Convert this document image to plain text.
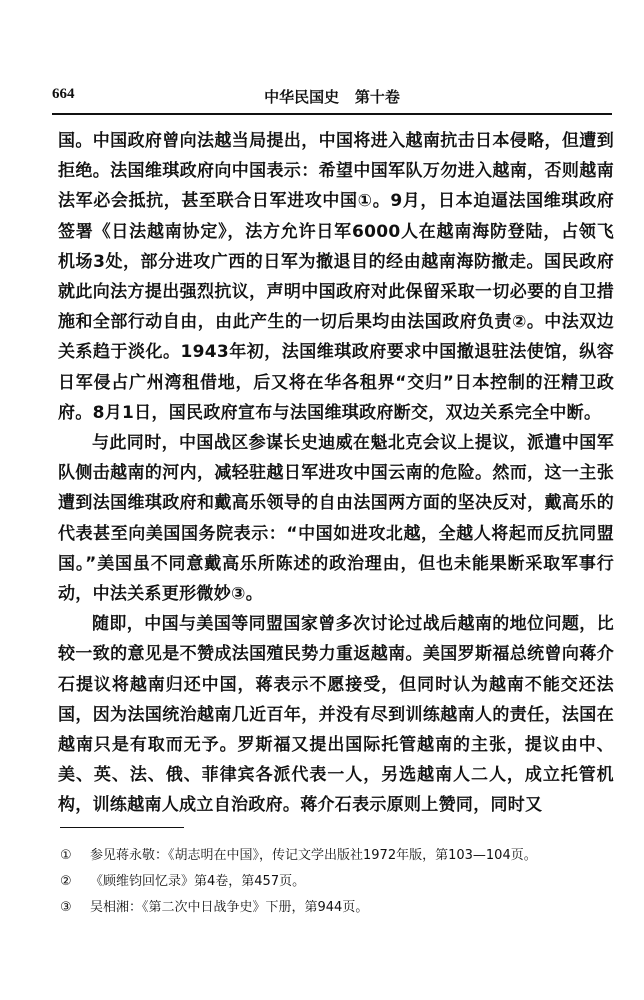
664	中华民国史   第十卷

国。中国政府曾向法越当局提出，中国将进入越南抗击日本侵略，但遭到拒绝。法国维琪政府向中国表示：希望中国军队万勿进入越南，否则越南法军必会抵抗，甚至联合日军进攻中国①。9月，日本迫逼法国维琪政府签署《日法越南协定》，法方允许日军6000人在越南海防登陆，占领飞机场3处，部分进攻广西的日军为撤退目的经由越南海防撤走。国民政府就此向法方提出强烈抗议，声明中国政府对此保留采取一切必要的自卫措施和全部行动自由，由此产生的一切后果均由法国政府负责②。中法双边关系趋于淡化。1943年初，法国维琪政府要求中国撤退驻法使馆，纵容日军侵占广州湾租借地，后又将在华各租界“交归”日本控制的汪精卫政府。8月1日，国民政府宣布与法国维琪政府断交，双边关系完全中断。

与此同时，中国战区参谋长史迪威在魁北克会议上提议，派遣中国军队侧击越南的河内，减轻驻越日军进攻中国云南的危险。然而，这一主张遭到法国维琪政府和戴高乐领导的自由法国两方面的坚决反对，戴高乐的代表甚至向美国国务院表示：“中国如进攻北越，全越人将起而反抗同盟国。”美国虽不同意戴高乐所陈述的政治理由，但也未能果断采取军事行动，中法关系更形微妙③。

随即，中国与美国等同盟国家曾多次讨论过战后越南的地位问题，比较一致的意见是不赞成法国殖民势力重返越南。美国罗斯福总统曾向蒋介石提议将越南归还中国，蒋表示不愿接受，但同时认为越南不能交还法国，因为法国统治越南几近百年，并没有尽到训练越南人的责任，法国在越南只是有取而无予。罗斯福又提出国际托管越南的主张，提议由中、美、英、法、俄、菲律宾各派代表一人，另选越南人二人，成立托管机构，训练越南人成立自治政府。蒋介石表示原则上赞同，同时又

①	参见蒋永敬：《胡志明在中国》，传记文学出版社1972年版，第103—104页。
②	《顾维钧回忆录》第4卷，第457页。
③	吴相湘：《第二次中日战争史》下册，第944页。
